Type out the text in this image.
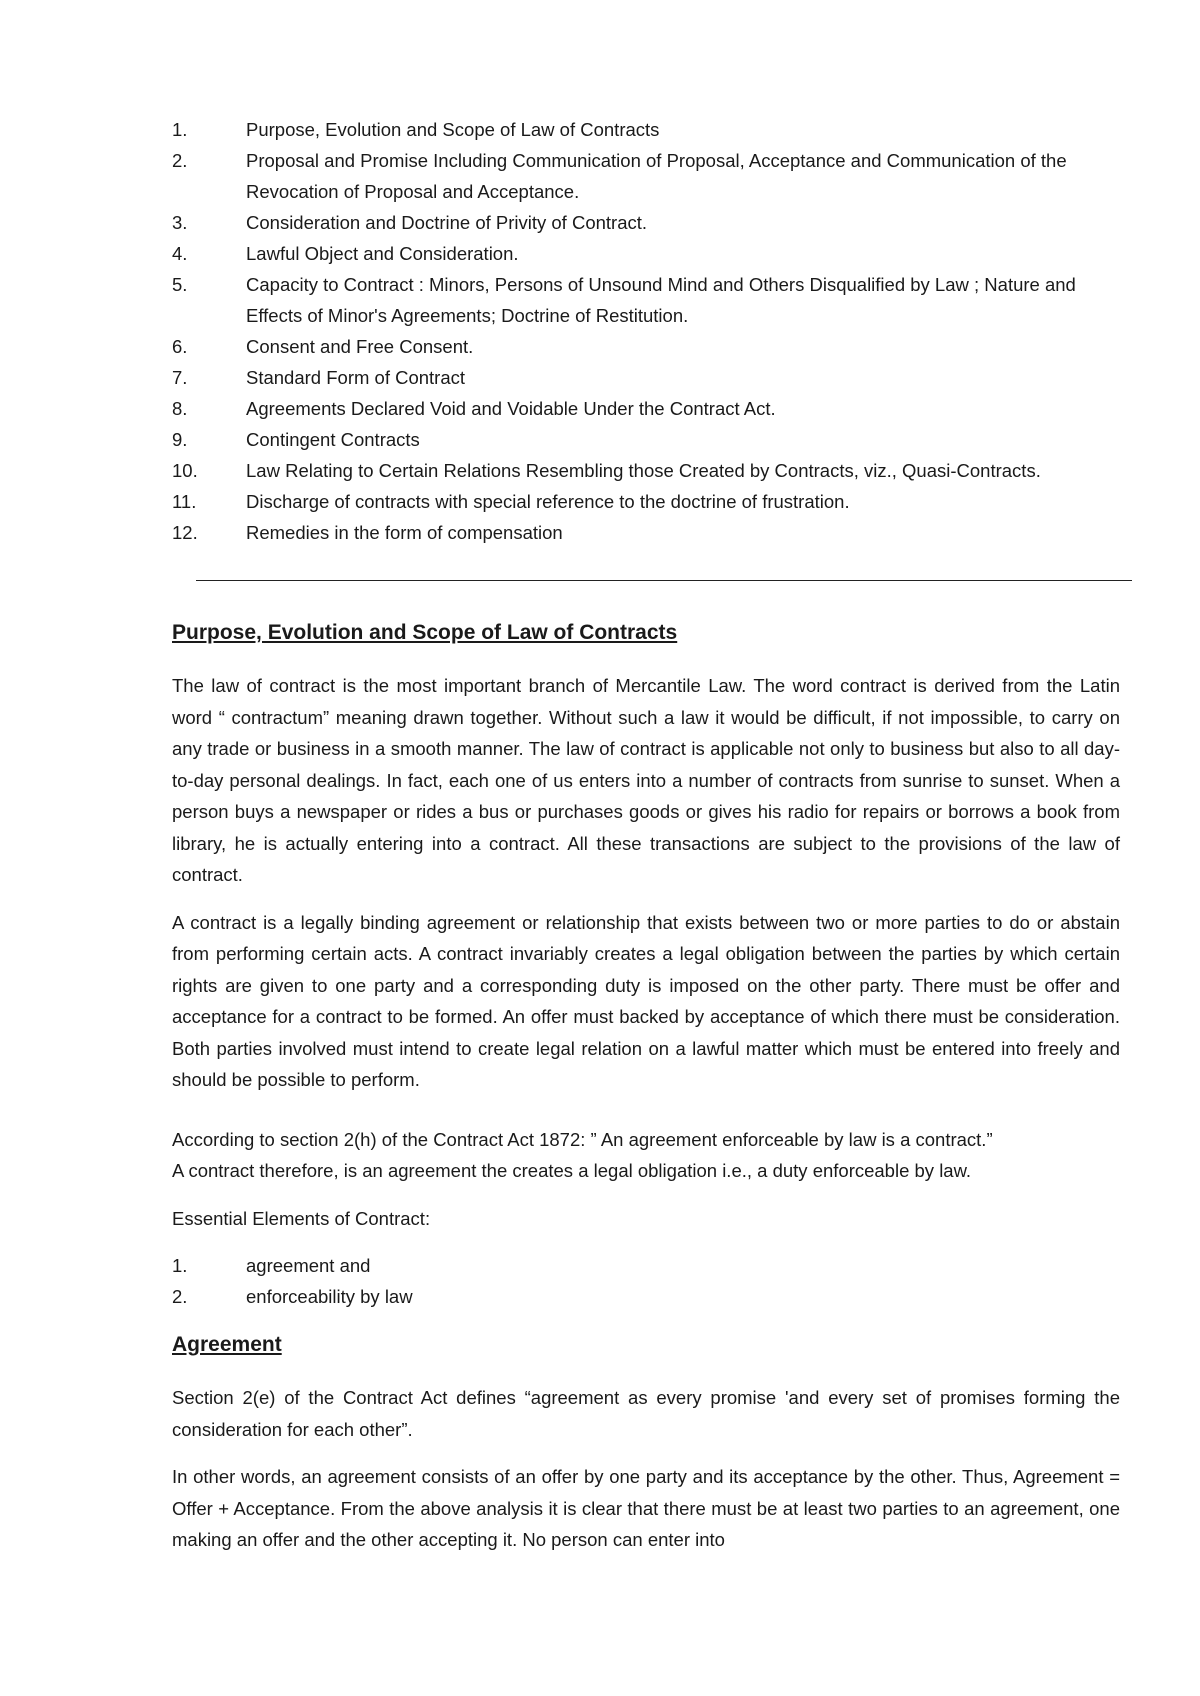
1.	Purpose, Evolution and Scope of Law of Contracts
2.	Proposal and Promise Including Communication of Proposal, Acceptance and Communication of the Revocation of Proposal and Acceptance.
3.	Consideration and Doctrine of Privity of Contract.
4.	Lawful Object and Consideration.
5.	Capacity to Contract : Minors, Persons of Unsound Mind and Others Disqualified by Law ; Nature and Effects of Minor's Agreements; Doctrine of Restitution.
6.	Consent and Free Consent.
7.	Standard Form of Contract
8.	Agreements Declared Void and Voidable Under the Contract Act.
9.	Contingent Contracts
10.	Law Relating to Certain Relations Resembling those Created by Contracts, viz., Quasi-Contracts.
11.	Discharge of contracts with special reference to the doctrine of frustration.
12.	Remedies in the form of compensation
Purpose, Evolution and Scope of Law of Contracts

The law of contract is the most important branch of Mercantile Law. The word contract is derived from the Latin word “ contractum” meaning drawn together. Without such a law it would be difficult, if not impossible, to carry on any trade or business in a smooth manner. The law of contract is applicable not only to business but also to all day-to-day personal dealings. In fact, each one of us enters into a number of contracts from sunrise to sunset. When a person buys a newspaper or rides a bus or purchases goods or gives his radio for repairs or borrows a book from library, he is actually entering into a contract. All these transactions are subject to the provisions of the law of contract.

A contract is a legally binding agreement or relationship that exists between two or more parties to do or abstain from performing certain acts. A contract invariably creates a legal obligation between the parties by which certain rights are given to one party and a corresponding duty is imposed on the other party. There must be offer and acceptance for a contract to be formed. An offer must backed by acceptance of which there must be consideration. Both parties involved must intend to create legal relation on a lawful matter which must be entered into freely and should be possible to perform.

According to section 2(h) of the Contract Act 1872: ” An agreement enforceable by law is a contract.”
A contract therefore, is an agreement the creates a legal obligation i.e., a duty enforceable by law.

Essential Elements of Contract:

1.	agreement and
2.	enforceability by law
Agreement

Section 2(e) of the Contract Act defines “agreement as every promise 'and every set of promises forming the consideration for each other”.

In other words, an agreement consists of an offer by one party and its acceptance by the other. Thus, Agreement = Offer + Acceptance. From the above analysis it is clear that there must be at least two parties to an agreement, one making an offer and the other accepting it. No person can enter into
